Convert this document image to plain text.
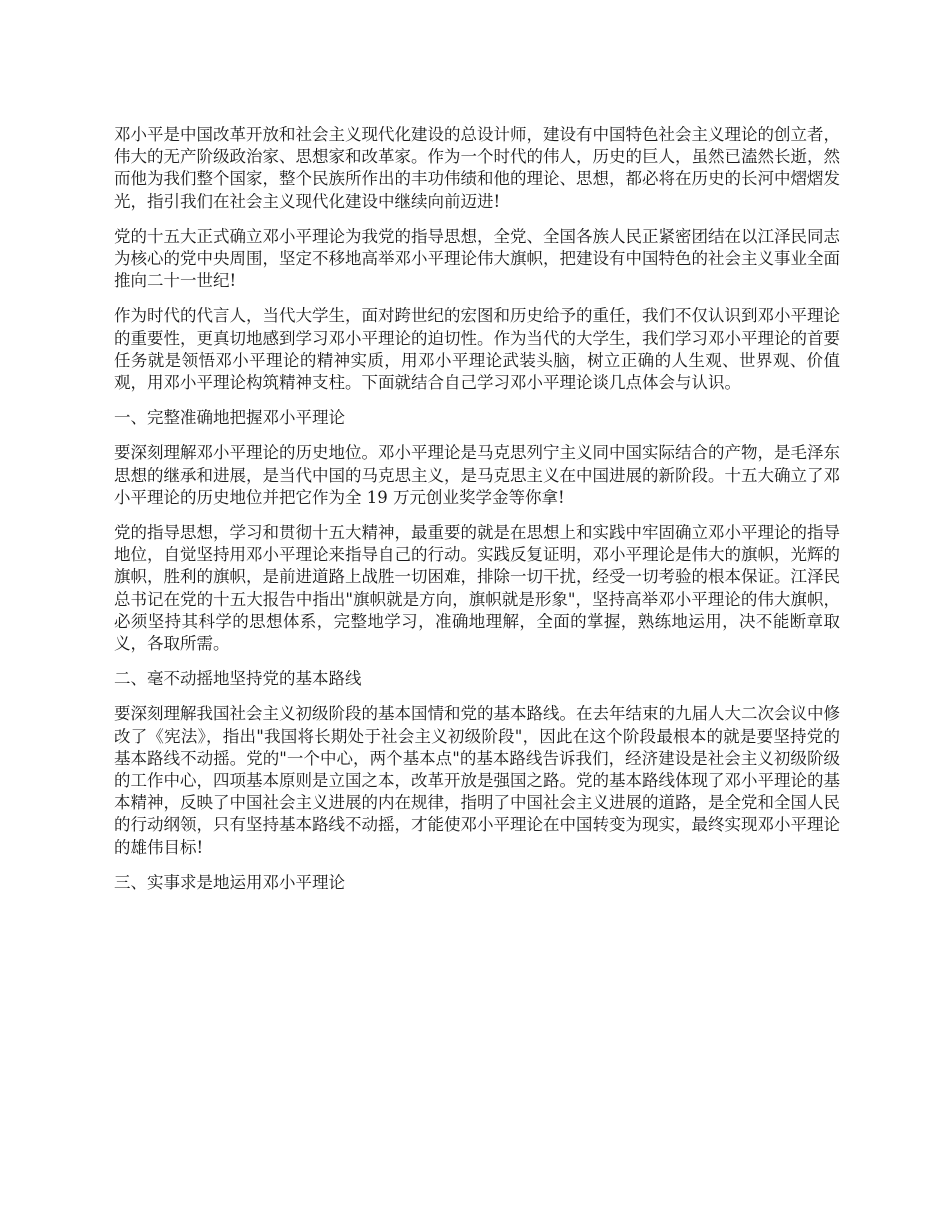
邓小平是中国改革开放和社会主义现代化建设的总设计师，建设有中国特色社会主义理论的创立者，伟大的无产阶级政治家、思想家和改革家。作为一个时代的伟人，历史的巨人，虽然已溘然长逝，然而他为我们整个国家，整个民族所作出的丰功伟绩和他的理论、思想，都必将在历史的长河中熠熠发光，指引我们在社会主义现代化建设中继续向前迈进!

党的十五大正式确立邓小平理论为我党的指导思想，全党、全国各族人民正紧密团结在以江泽民同志为核心的党中央周围，坚定不移地高举邓小平理论伟大旗帜，把建设有中国特色的社会主义事业全面推向二十一世纪!

作为时代的代言人，当代大学生，面对跨世纪的宏图和历史给予的重任，我们不仅认识到邓小平理论的重要性，更真切地感到学习邓小平理论的迫切性。作为当代的大学生，我们学习邓小平理论的首要任务就是领悟邓小平理论的精神实质，用邓小平理论武装头脑，树立正确的人生观、世界观、价值观，用邓小平理论构筑精神支柱。下面就结合自己学习邓小平理论谈几点体会与认识。

一、完整准确地把握邓小平理论

要深刻理解邓小平理论的历史地位。邓小平理论是马克思列宁主义同中国实际结合的产物，是毛泽东思想的继承和进展，是当代中国的马克思主义，是马克思主义在中国进展的新阶段。十五大确立了邓小平理论的历史地位并把它作为全 19 万元创业奖学金等你拿!

党的指导思想，学习和贯彻十五大精神，最重要的就是在思想上和实践中牢固确立邓小平理论的指导地位，自觉坚持用邓小平理论来指导自己的行动。实践反复证明，邓小平理论是伟大的旗帜，光辉的旗帜，胜利的旗帜，是前进道路上战胜一切困难，排除一切干扰，经受一切考验的根本保证。江泽民总书记在党的十五大报告中指出"旗帜就是方向，旗帜就是形象"，坚持高举邓小平理论的伟大旗帜，必须坚持其科学的思想体系，完整地学习，准确地理解，全面的掌握，熟练地运用，决不能断章取义，各取所需。

二、毫不动摇地坚持党的基本路线

要深刻理解我国社会主义初级阶段的基本国情和党的基本路线。在去年结束的九届人大二次会议中修改了《宪法》，指出"我国将长期处于社会主义初级阶段"，因此在这个阶段最根本的就是要坚持党的基本路线不动摇。党的"一个中心，两个基本点"的基本路线告诉我们，经济建设是社会主义初级阶级的工作中心，四项基本原则是立国之本，改革开放是强国之路。党的基本路线体现了邓小平理论的基本精神，反映了中国社会主义进展的内在规律，指明了中国社会主义进展的道路，是全党和全国人民的行动纲领，只有坚持基本路线不动摇，才能使邓小平理论在中国转变为现实，最终实现邓小平理论的雄伟目标!

三、实事求是地运用邓小平理论
